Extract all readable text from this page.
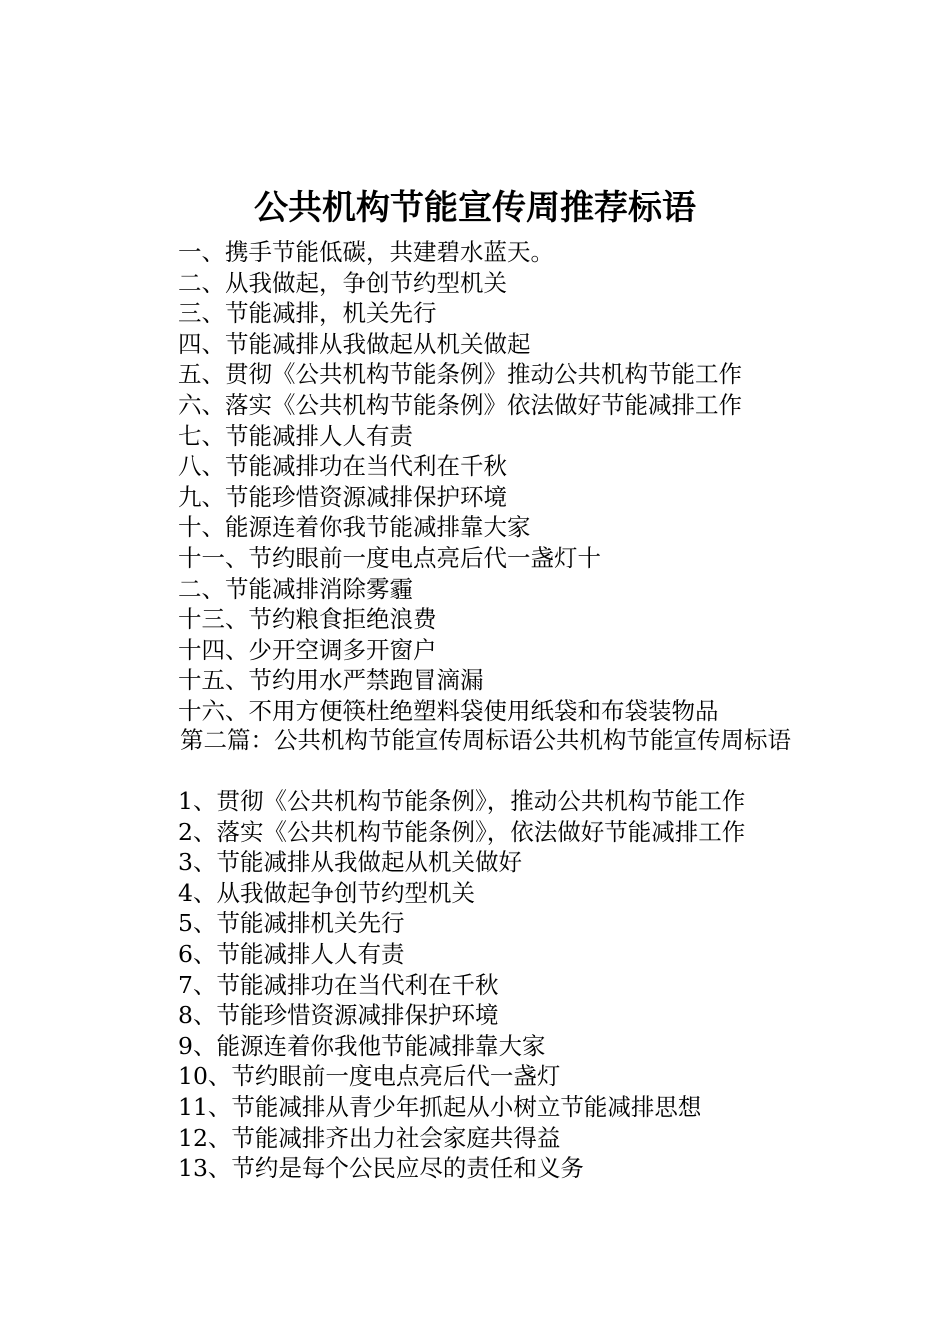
公共机构节能宣传周推荐标语
一、携手节能低碳，共建碧水蓝天。
二、从我做起，争创节约型机关
三、节能减排，机关先行
四、节能减排从我做起从机关做起
五、贯彻《公共机构节能条例》推动公共机构节能工作
六、落实《公共机构节能条例》依法做好节能减排工作
七、节能减排人人有责
八、节能减排功在当代利在千秋
九、节能珍惜资源减排保护环境
十、能源连着你我节能减排靠大家
十一、节约眼前一度电点亮后代一盏灯十
二、节能减排消除雾霾
十三、节约粮食拒绝浪费
十四、少开空调多开窗户
十五、节约用水严禁跑冒滴漏
十六、不用方便筷杜绝塑料袋使用纸袋和布袋装物品

第二篇：公共机构节能宣传周标语公共机构节能宣传周标语

1、贯彻《公共机构节能条例》，推动公共机构节能工作
2、落实《公共机构节能条例》，依法做好节能减排工作
3、节能减排从我做起从机关做好
4、从我做起争创节约型机关
5、节能减排机关先行
6、节能减排人人有责
7、节能减排功在当代利在千秋
8、节能珍惜资源减排保护环境
9、能源连着你我他节能减排靠大家
10、节约眼前一度电点亮后代一盏灯
11、节能减排从青少年抓起从小树立节能减排思想
12、节能减排齐出力社会家庭共得益
13、节约是每个公民应尽的责任和义务
